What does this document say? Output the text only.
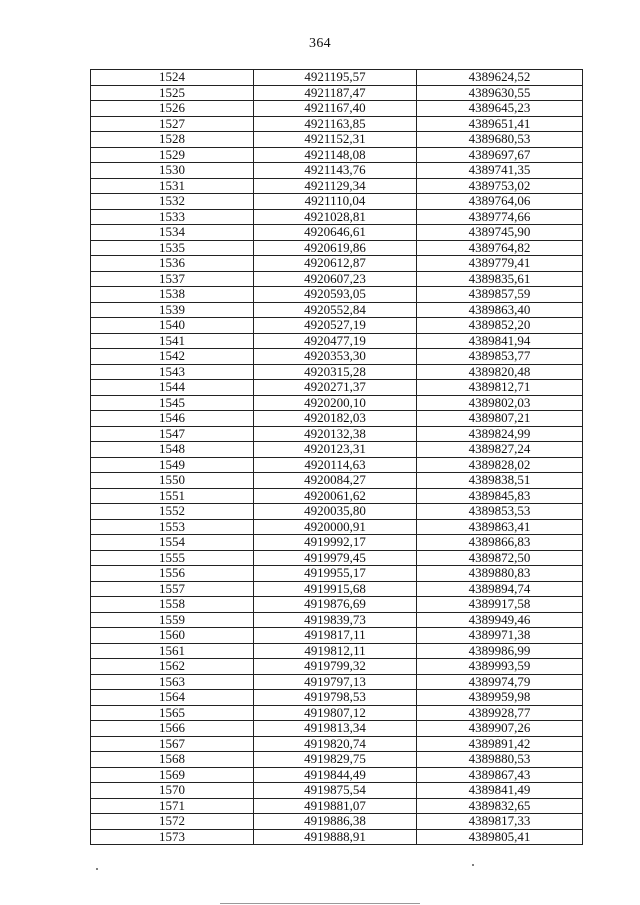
364
1524	4921195,57	4389624,52
1525	4921187,47	4389630,55
1526	4921167,40	4389645,23
1527	4921163,85	4389651,41
1528	4921152,31	4389680,53
1529	4921148,08	4389697,67
1530	4921143,76	4389741,35
1531	4921129,34	4389753,02
1532	4921110,04	4389764,06
1533	4921028,81	4389774,66
1534	4920646,61	4389745,90
1535	4920619,86	4389764,82
1536	4920612,87	4389779,41
1537	4920607,23	4389835,61
1538	4920593,05	4389857,59
1539	4920552,84	4389863,40
1540	4920527,19	4389852,20
1541	4920477,19	4389841,94
1542	4920353,30	4389853,77
1543	4920315,28	4389820,48
1544	4920271,37	4389812,71
1545	4920200,10	4389802,03
1546	4920182,03	4389807,21
1547	4920132,38	4389824,99
1548	4920123,31	4389827,24
1549	4920114,63	4389828,02
1550	4920084,27	4389838,51
1551	4920061,62	4389845,83
1552	4920035,80	4389853,53
1553	4920000,91	4389863,41
1554	4919992,17	4389866,83
1555	4919979,45	4389872,50
1556	4919955,17	4389880,83
1557	4919915,68	4389894,74
1558	4919876,69	4389917,58
1559	4919839,73	4389949,46
1560	4919817,11	4389971,38
1561	4919812,11	4389986,99
1562	4919799,32	4389993,59
1563	4919797,13	4389974,79
1564	4919798,53	4389959,98
1565	4919807,12	4389928,77
1566	4919813,34	4389907,26
1567	4919820,74	4389891,42
1568	4919829,75	4389880,53
1569	4919844,49	4389867,43
1570	4919875,54	4389841,49
1571	4919881,07	4389832,65
1572	4919886,38	4389817,33
1573	4919888,91	4389805,41
